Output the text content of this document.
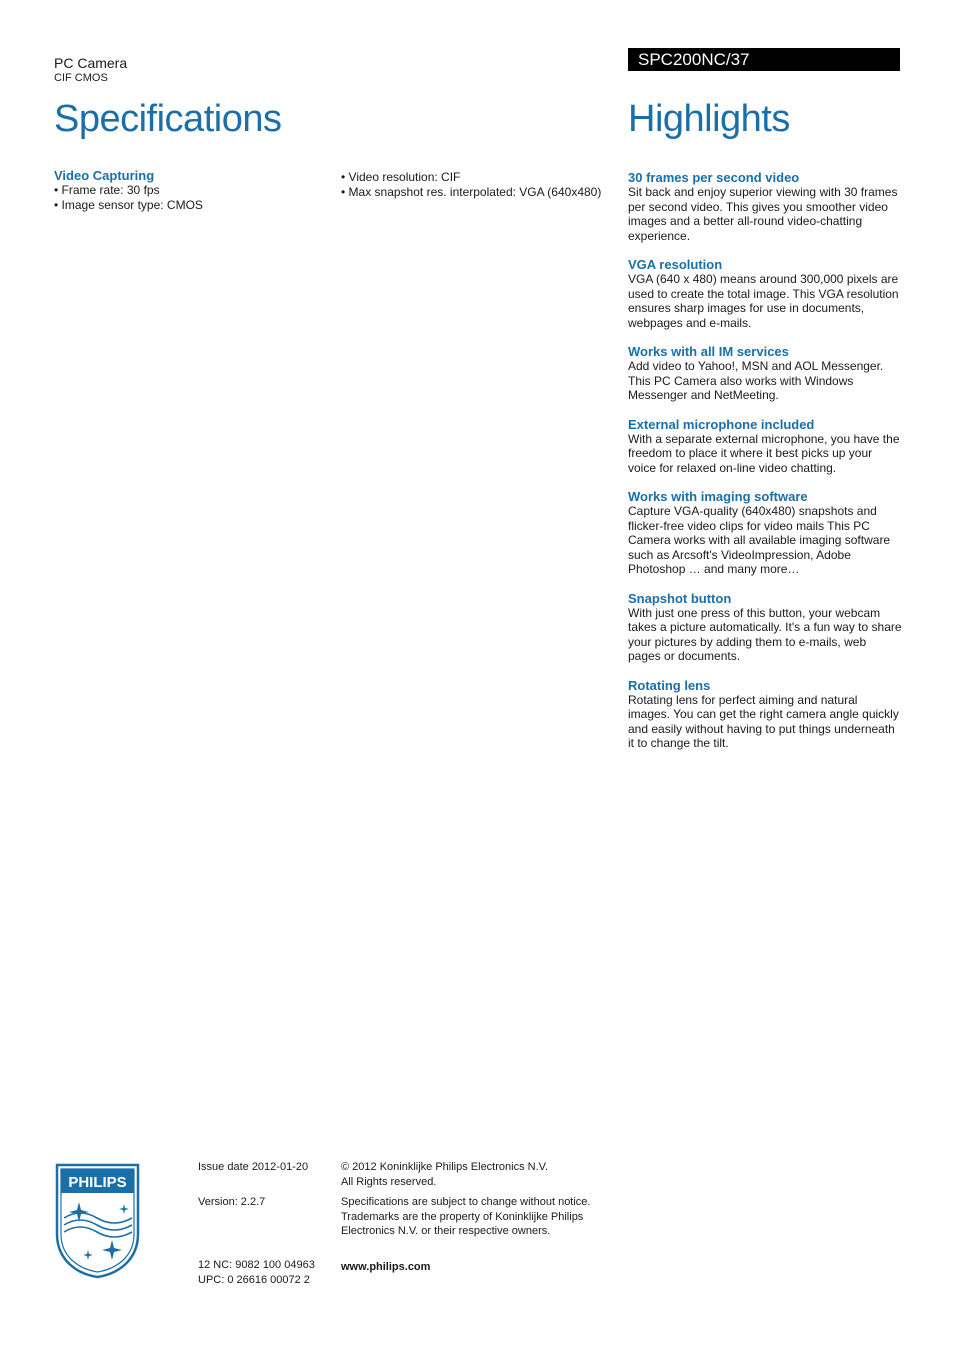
PC Camera
CIF CMOS
SPC200NC/37
Specifications	Highlights
Video Capturing
• Frame rate: 30 fps
• Image sensor type: CMOS
• Video resolution: CIF
• Max snapshot res. interpolated: VGA (640x480)
30 frames per second video
Sit back and enjoy superior viewing with 30 frames per second video. This gives you smoother video images and a better all-round video-chatting experience.
VGA resolution
VGA (640 x 480) means around 300,000 pixels are used to create the total image. This VGA resolution ensures sharp images for use in documents, webpages and e-mails.
Works with all IM services
Add video to Yahoo!, MSN and AOL Messenger. This PC Camera also works with Windows Messenger and NetMeeting.
External microphone included
With a separate external microphone, you have the freedom to place it where it best picks up your voice for relaxed on-line video chatting.
Works with imaging software
Capture VGA-quality (640x480) snapshots and flicker-free video clips for video mails This PC Camera works with all available imaging software such as Arcsoft's VideoImpression, Adobe Photoshop … and many more…
Snapshot button
With just one press of this button, your webcam takes a picture automatically. It's a fun way to share your pictures by adding them to e-mails, web pages or documents.
Rotating lens
Rotating lens for perfect aiming and natural images. You can get the right camera angle quickly and easily without having to put things underneath it to change the tilt.
PHILIPS
Issue date 2012-01-20
Version: 2.2.7
12 NC: 9082 100 04963
UPC: 0 26616 00072 2
© 2012 Koninklijke Philips Electronics N.V.
All Rights reserved.
Specifications are subject to change without notice.
Trademarks are the property of Koninklijke Philips
Electronics N.V. or their respective owners.
www.philips.com
